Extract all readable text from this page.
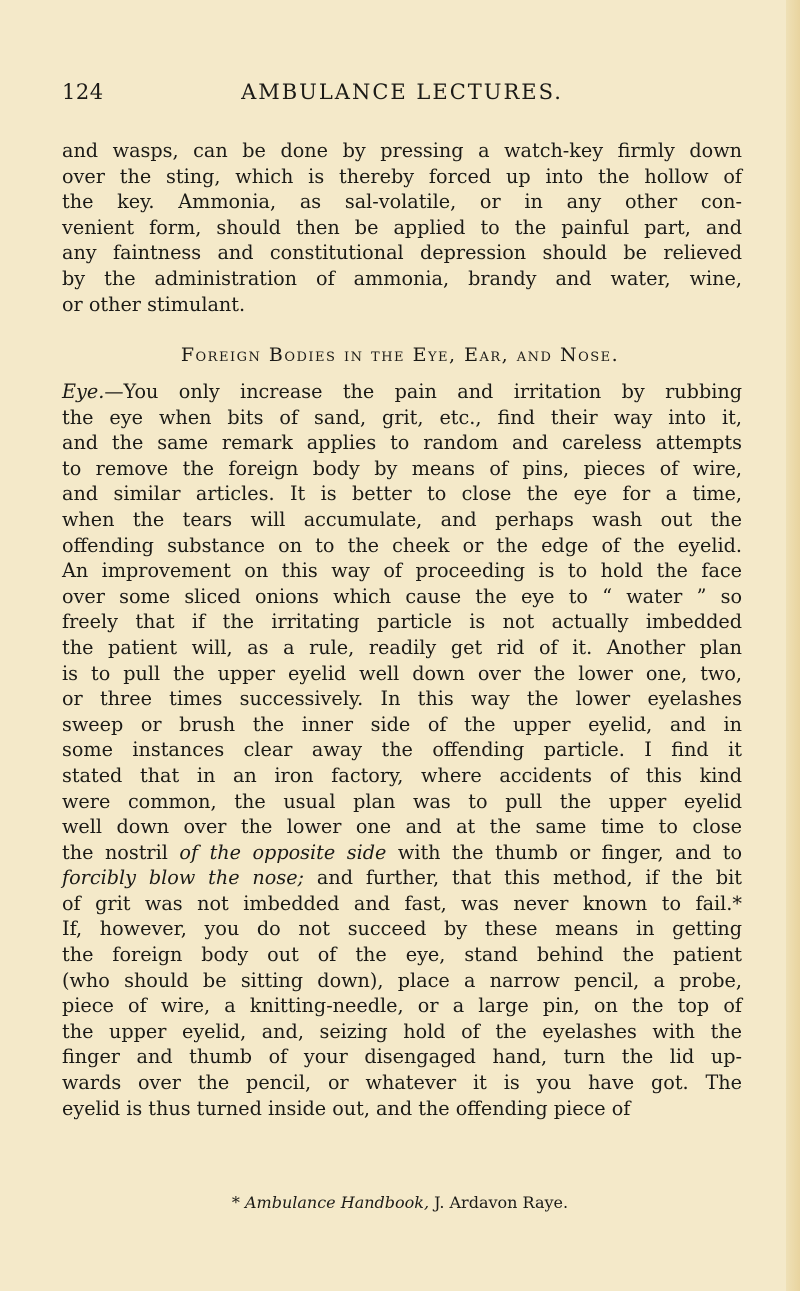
124	AMBULANCE LECTURES.
and wasps, can be done by pressing a watch-key firmly down
over the sting, which is thereby forced up into the hollow of
the key. Ammonia, as sal-volatile, or in any other con-
venient form, should then be applied to the painful part, and
any faintness and constitutional depression should be relieved
by the administration of ammonia, brandy and water, wine,
or other stimulant.
Foreign Bodies in the Eye, Ear, and Nose.
Eye.—You only increase the pain and irritation by rubbing
the eye when bits of sand, grit, etc., find their way into it,
and the same remark applies to random and careless attempts
to remove the foreign body by means of pins, pieces of wire,
and similar articles. It is better to close the eye for a time,
when the tears will accumulate, and perhaps wash out the
offending substance on to the cheek or the edge of the eyelid.
An improvement on this way of proceeding is to hold the face
over some sliced onions which cause the eye to “ water ” so
freely that if the irritating particle is not actually imbedded
the patient will, as a rule, readily get rid of it. Another plan
is to pull the upper eyelid well down over the lower one, two,
or three times successively. In this way the lower eyelashes
sweep or brush the inner side of the upper eyelid, and in
some instances clear away the offending particle. I find it
stated that in an iron factory, where accidents of this kind
were common, the usual plan was to pull the upper eyelid
well down over the lower one and at the same time to close
the nostril of the opposite side with the thumb or finger, and to
forcibly blow the nose; and further, that this method, if the bit
of grit was not imbedded and fast, was never known to fail.*
If, however, you do not succeed by these means in getting
the foreign body out of the eye, stand behind the patient
(who should be sitting down), place a narrow pencil, a probe,
piece of wire, a knitting-needle, or a large pin, on the top of
the upper eyelid, and, seizing hold of the eyelashes with the
finger and thumb of your disengaged hand, turn the lid up-
wards over the pencil, or whatever it is you have got. The
eyelid is thus turned inside out, and the offending piece of
* Ambulance Handbook, J. Ardavon Raye.
